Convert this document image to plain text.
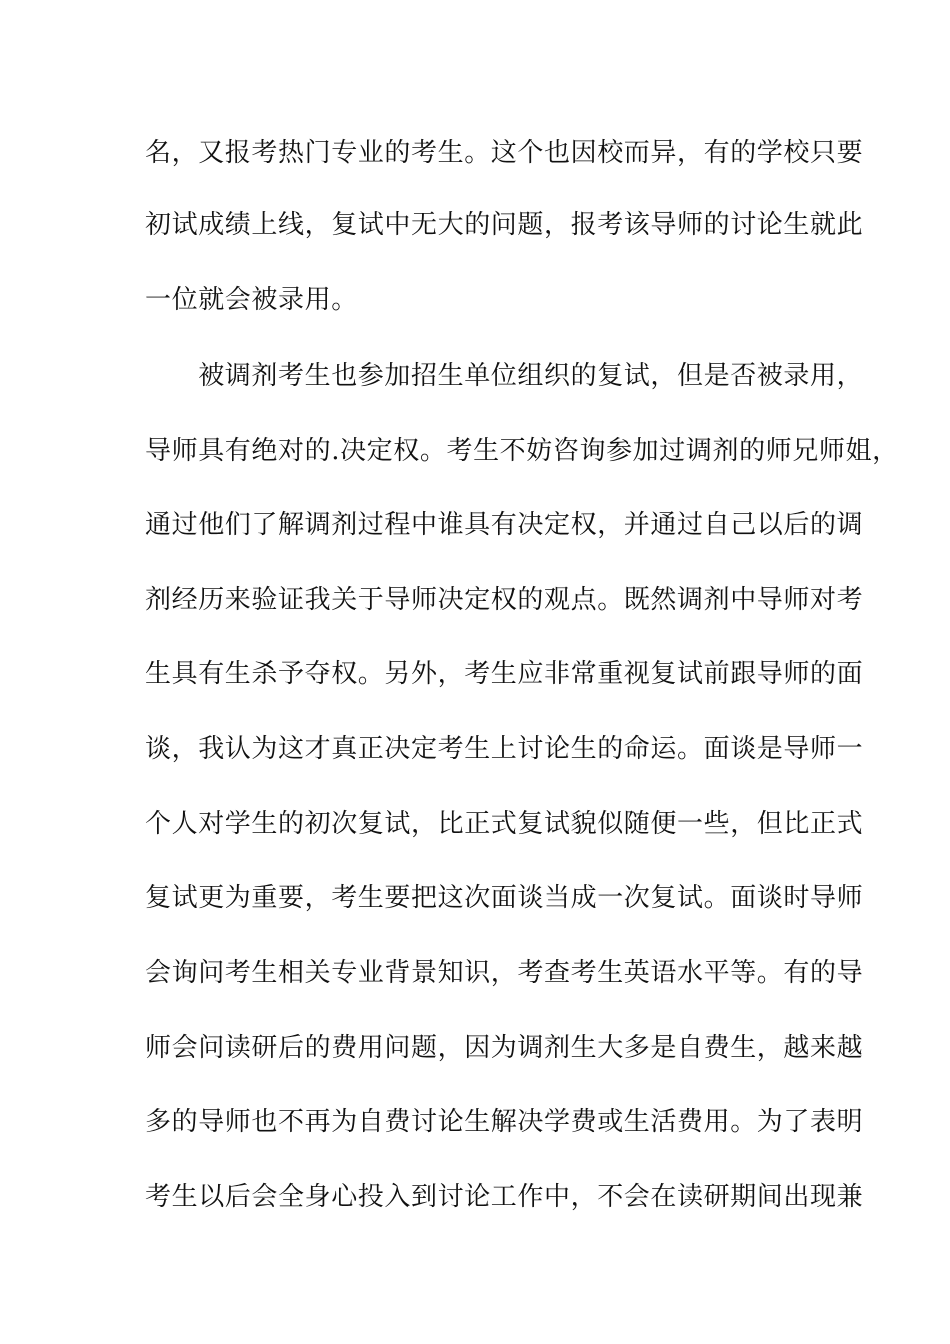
名，又报考热门专业的考生。这个也因校而异，有的学校只要
初试成绩上线，复试中无大的问题，报考该导师的讨论生就此
一位就会被录用。
　　被调剂考生也参加招生单位组织的复试，但是否被录用，
导师具有绝对的.决定权。考生不妨咨询参加过调剂的师兄师姐，
通过他们了解调剂过程中谁具有决定权，并通过自己以后的调
剂经历来验证我关于导师决定权的观点。既然调剂中导师对考
生具有生杀予夺权。另外，考生应非常重视复试前跟导师的面
谈，我认为这才真正决定考生上讨论生的命运。面谈是导师一
个人对学生的初次复试，比正式复试貌似随便一些，但比正式
复试更为重要，考生要把这次面谈当成一次复试。面谈时导师
会询问考生相关专业背景知识，考查考生英语水平等。有的导
师会问读研后的费用问题，因为调剂生大多是自费生，越来越
多的导师也不再为自费讨论生解决学费或生活费用。为了表明
考生以后会全身心投入到讨论工作中，不会在读研期间出现兼
